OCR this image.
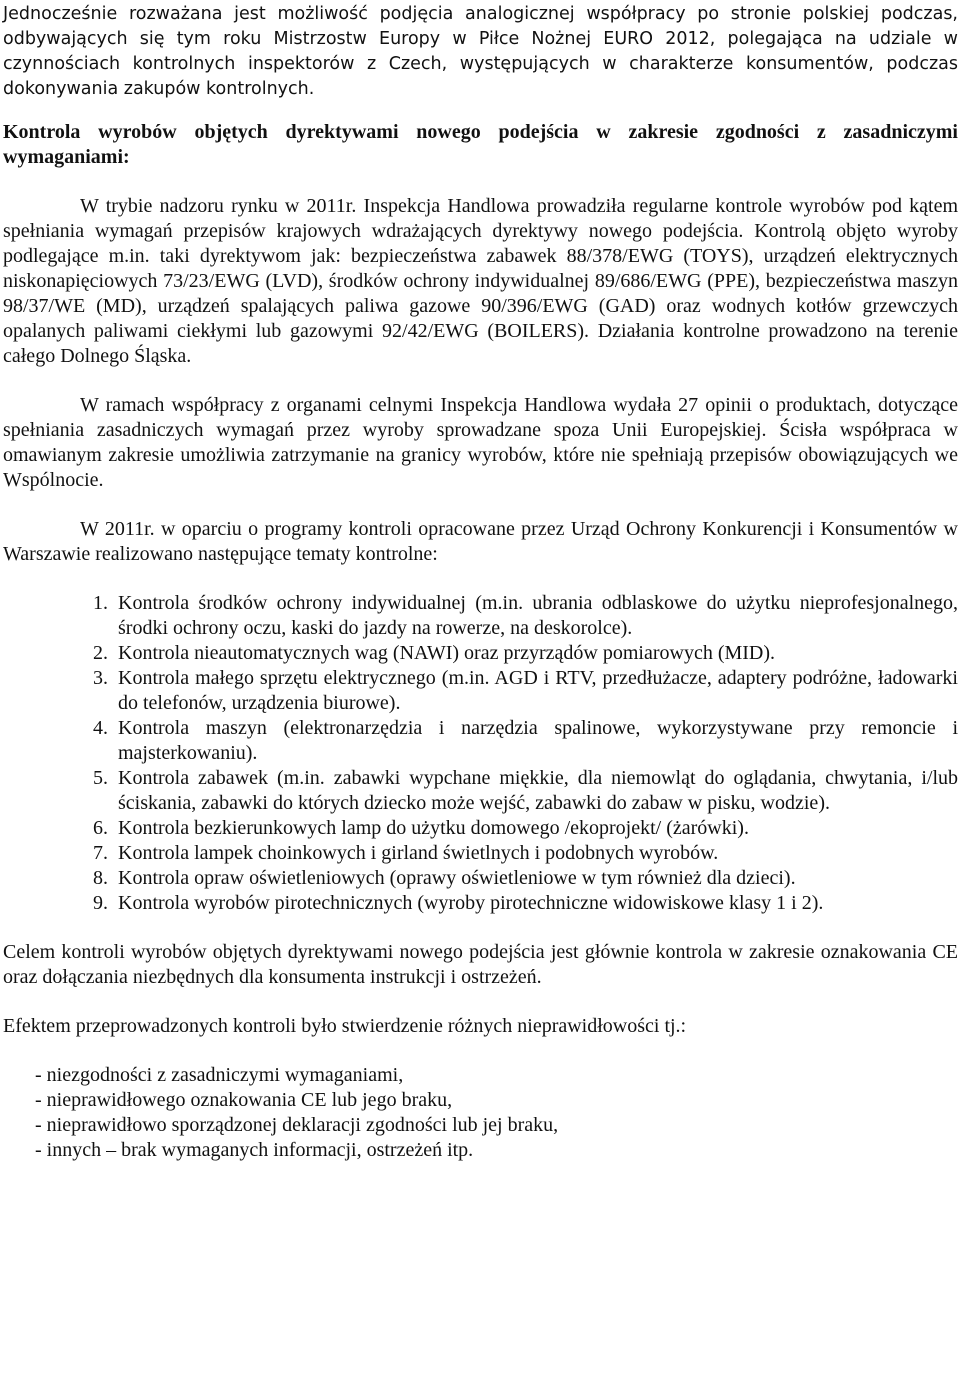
Jednocześnie rozważana jest możliwość podjęcia analogicznej współpracy po stronie polskiej podczas, odbywających się tym roku Mistrzostw Europy w Piłce Nożnej EURO 2012, polegająca na udziale w czynnościach kontrolnych inspektorów z Czech, występujących w charakterze konsumentów, podczas dokonywania zakupów kontrolnych.

Kontrola wyrobów objętych dyrektywami nowego podejścia w zakresie zgodności z zasadniczymi wymaganiami:

W trybie nadzoru rynku w 2011r. Inspekcja Handlowa prowadziła regularne kontrole wyrobów pod kątem spełniania wymagań przepisów krajowych wdrażających dyrektywy nowego podejścia. Kontrolą objęto wyroby podlegające m.in. taki dyrektywom jak: bezpieczeństwa zabawek 88/378/EWG (TOYS), urządzeń elektrycznych niskonapięciowych 73/23/EWG (LVD), środków ochrony indywidualnej 89/686/EWG (PPE), bezpieczeństwa maszyn 98/37/WE (MD), urządzeń spalających paliwa gazowe 90/396/EWG (GAD) oraz wodnych kotłów grzewczych opalanych paliwami ciekłymi lub gazowymi 92/42/EWG (BOILERS). Działania kontrolne prowadzono na terenie całego Dolnego Śląska.

W ramach współpracy z organami celnymi Inspekcja Handlowa wydała 27 opinii o produktach, dotyczące spełniania zasadniczych wymagań przez wyroby sprowadzane spoza Unii Europejskiej. Ścisła współpraca w omawianym zakresie umożliwia zatrzymanie na granicy wyrobów, które nie spełniają przepisów obowiązujących we Wspólnocie.

W 2011r. w oparciu o programy kontroli opracowane przez Urząd Ochrony Konkurencji i Konsumentów w Warszawie realizowano następujące tematy kontrolne:

1. Kontrola środków ochrony indywidualnej (m.in. ubrania odblaskowe do użytku nieprofesjonalnego, środki ochrony oczu, kaski do jazdy na rowerze, na deskorolce).
2. Kontrola nieautomatycznych wag (NAWI) oraz przyrządów pomiarowych (MID).
3. Kontrola małego sprzętu elektrycznego (m.in. AGD i RTV, przedłużacze, adaptery podróżne, ładowarki do telefonów, urządzenia biurowe).
4. Kontrola maszyn (elektronarzędzia i narzędzia spalinowe, wykorzystywane przy remoncie i majsterkowaniu).
5. Kontrola zabawek (m.in. zabawki wypchane miękkie, dla niemowląt do oglądania, chwytania, i/lub ściskania, zabawki do których dziecko może wejść, zabawki do zabaw w pisku, wodzie).
6. Kontrola bezkierunkowych lamp do użytku domowego /ekoprojekt/ (żarówki).
7. Kontrola lampek choinkowych i girland świetlnych i podobnych wyrobów.
8. Kontrola opraw oświetleniowych (oprawy oświetleniowe w tym również dla dzieci).
9. Kontrola wyrobów pirotechnicznych (wyroby pirotechniczne widowiskowe klasy 1 i 2).

Celem kontroli wyrobów objętych dyrektywami nowego podejścia jest głównie kontrola w zakresie oznakowania CE oraz dołączania niezbędnych dla konsumenta instrukcji i ostrzeżeń.

Efektem przeprowadzonych kontroli było stwierdzenie różnych nieprawidłowości tj.:

- niezgodności z zasadniczymi wymaganiami,
- nieprawidłowego oznakowania CE lub jego braku,
- nieprawidłowo sporządzonej deklaracji zgodności lub jej braku,
- innych – brak wymaganych informacji, ostrzeżeń itp.
